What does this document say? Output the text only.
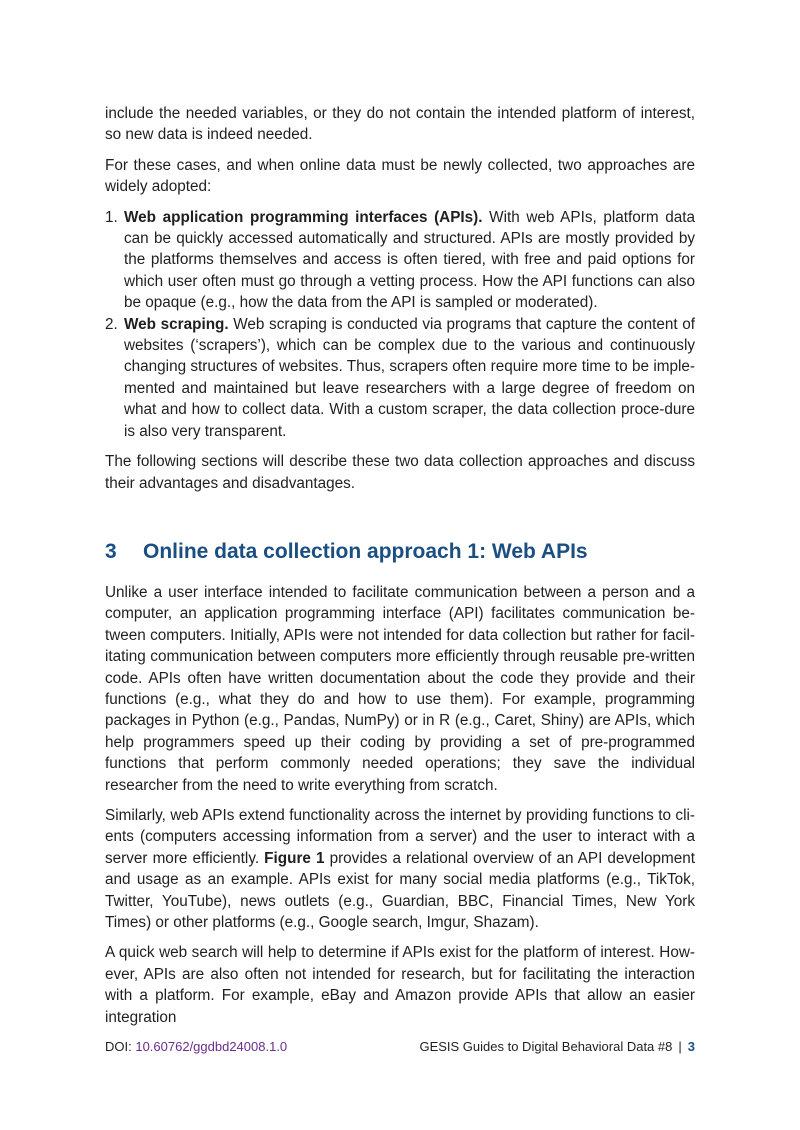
include the needed variables, or they do not contain the intended platform of interest, so new data is indeed needed.

For these cases, and when online data must be newly collected, two approaches are widely adopted:

1. Web application programming interfaces (APIs). With web APIs, platform data can be quickly accessed automatically and structured. APIs are mostly provided by the platforms themselves and access is often tiered, with free and paid options for which user often must go through a vetting process. How the API functions can also be opaque (e.g., how the data from the API is sampled or moderated).
2. Web scraping. Web scraping is conducted via programs that capture the content of websites (‘scrapers’), which can be complex due to the various and continuously changing structures of websites. Thus, scrapers often require more time to be implemented and maintained but leave researchers with a large degree of freedom on what and how to collect data. With a custom scraper, the data collection proce-dure is also very transparent.

The following sections will describe these two data collection approaches and discuss their advantages and disadvantages.

3	Online data collection approach 1: Web APIs

Unlike a user interface intended to facilitate communication between a person and a computer, an application programming interface (API) facilitates communication between computers. Initially, APIs were not intended for data collection but rather for facilitating communication between computers more efficiently through reusable pre-written code. APIs often have written documentation about the code they provide and their functions (e.g., what they do and how to use them). For example, programming packages in Python (e.g., Pandas, NumPy) or in R (e.g., Caret, Shiny) are APIs, which help programmers speed up their coding by providing a set of pre-programmed functions that perform commonly needed operations; they save the individual researcher from the need to write everything from scratch.

Similarly, web APIs extend functionality across the internet by providing functions to clients (computers accessing information from a server) and the user to interact with a server more efficiently. Figure 1 provides a relational overview of an API development and usage as an example. APIs exist for many social media platforms (e.g., TikTok, Twitter, YouTube), news outlets (e.g., Guardian, BBC, Financial Times, New York Times) or other platforms (e.g., Google search, Imgur, Shazam).

A quick web search will help to determine if APIs exist for the platform of interest. However, APIs are also often not intended for research, but for facilitating the interaction with a platform. For example, eBay and Amazon provide APIs that allow an easier integration

DOI: 10.60762/ggdbd24008.1.0	GESIS Guides to Digital Behavioral Data #8 | 3
